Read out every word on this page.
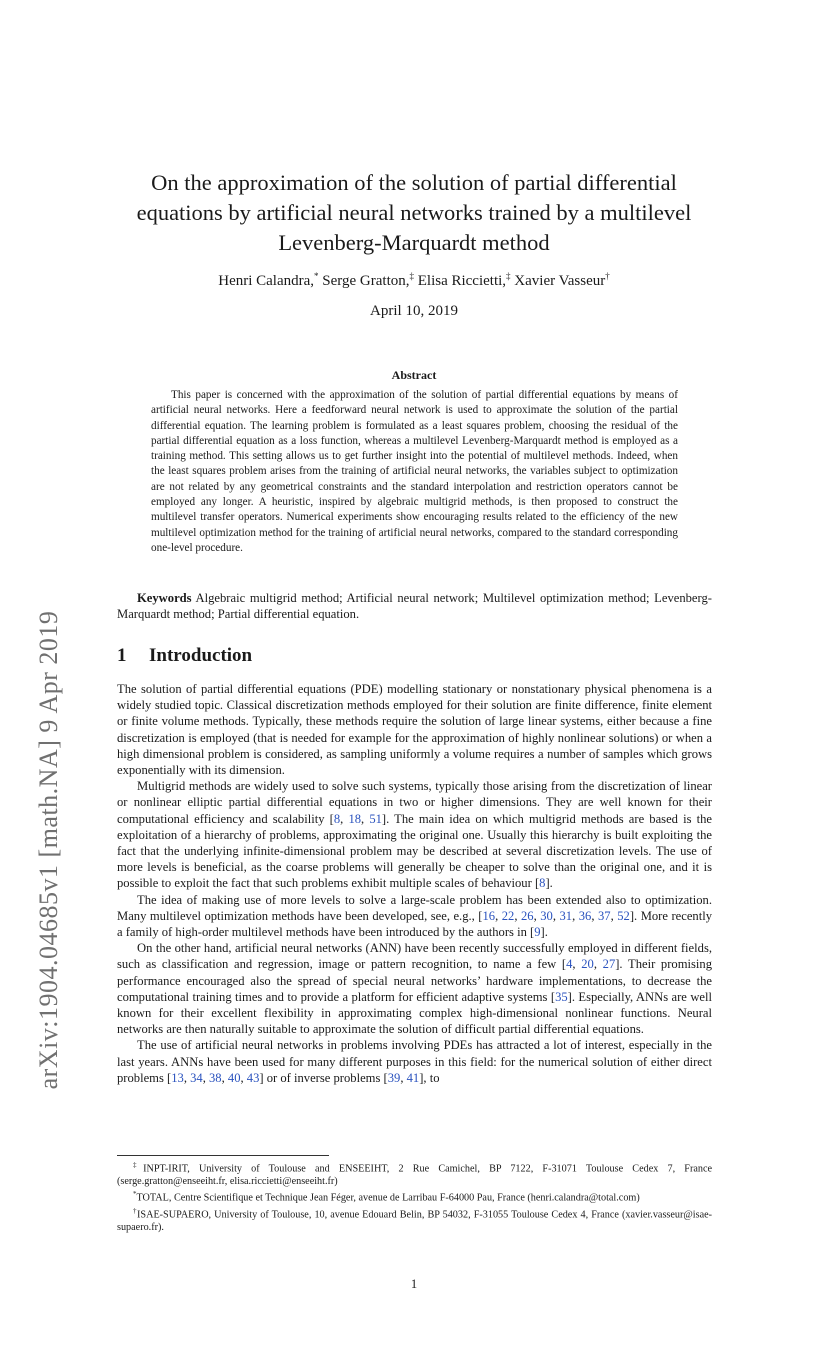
arXiv:1904.04685v1 [math.NA] 9 Apr 2019
On the approximation of the solution of partial differential
equations by artificial neural networks trained by a multilevel
Levenberg-Marquardt method
Henri Calandra,* Serge Gratton,‡ Elisa Riccietti,‡ Xavier Vasseur†
April 10, 2019
Abstract

This paper is concerned with the approximation of the solution of partial differential equations by means of artificial neural networks. Here a feedforward neural network is used to approximate the solution of the partial differential equation. The learning problem is formulated as a least squares problem, choosing the residual of the partial differential equation as a loss function, whereas a multilevel Levenberg-Marquardt method is employed as a training method. This setting allows us to get further insight into the potential of multilevel methods. Indeed, when the least squares problem arises from the training of artificial neural networks, the variables subject to optimization are not related by any geometrical constraints and the standard interpolation and restriction operators cannot be employed any longer. A heuristic, inspired by algebraic multigrid methods, is then proposed to construct the multilevel transfer operators. Numerical experiments show encouraging results related to the efficiency of the new multilevel optimization method for the training of artificial neural networks, compared to the standard corresponding one-level procedure.

Keywords Algebraic multigrid method; Artificial neural network; Multilevel optimization method; Levenberg-Marquardt method; Partial differential equation.

1 Introduction

The solution of partial differential equations (PDE) modelling stationary or nonstationary physical phenomena is a widely studied topic. Classical discretization methods employed for their solution are finite difference, finite element or finite volume methods. Typically, these methods require the solution of large linear systems, either because a fine discretization is employed (that is needed for example for the approximation of highly nonlinear solutions) or when a high dimensional problem is considered, as sampling uniformly a volume requires a number of samples which grows exponentially with its dimension.

Multigrid methods are widely used to solve such systems, typically those arising from the discretization of linear or nonlinear elliptic partial differential equations in two or higher dimensions. They are well known for their computational efficiency and scalability [8, 18, 51]. The main idea on which multigrid methods are based is the exploitation of a hierarchy of problems, approximating the original one. Usually this hierarchy is built exploiting the fact that the underlying infinite-dimensional problem may be described at several discretization levels. The use of more levels is beneficial, as the coarse problems will generally be cheaper to solve than the original one, and it is possible to exploit the fact that such problems exhibit multiple scales of behaviour [8].

The idea of making use of more levels to solve a large-scale problem has been extended also to optimization. Many multilevel optimization methods have been developed, see, e.g., [16, 22, 26, 30, 31, 36, 37, 52]. More recently a family of high-order multilevel methods have been introduced by the authors in [9].

On the other hand, artificial neural networks (ANN) have been recently successfully employed in different fields, such as classification and regression, image or pattern recognition, to name a few [4, 20, 27]. Their promising performance encouraged also the spread of special neural networks’ hardware implementations, to decrease the computational training times and to provide a platform for efficient adaptive systems [35]. Especially, ANNs are well known for their excellent flexibility in approximating complex high-dimensional nonlinear functions. Neural networks are then naturally suitable to approximate the solution of difficult partial differential equations.

The use of artificial neural networks in problems involving PDEs has attracted a lot of interest, especially in the last years. ANNs have been used for many different purposes in this field: for the numerical solution of either direct problems [13, 34, 38, 40, 43] or of inverse problems [39, 41], to

‡INPT-IRIT, University of Toulouse and ENSEEIHT, 2 Rue Camichel, BP 7122, F-31071 Toulouse Cedex 7, France (serge.gratton@enseeiht.fr, elisa.riccietti@enseeiht.fr)

*TOTAL, Centre Scientifique et Technique Jean Féger, avenue de Larribau F-64000 Pau, France (henri.calandra@total.com)

†ISAE-SUPAERO, University of Toulouse, 10, avenue Edouard Belin, BP 54032, F-31055 Toulouse Cedex 4, France (xavier.vasseur@isae-supaero.fr).

1
